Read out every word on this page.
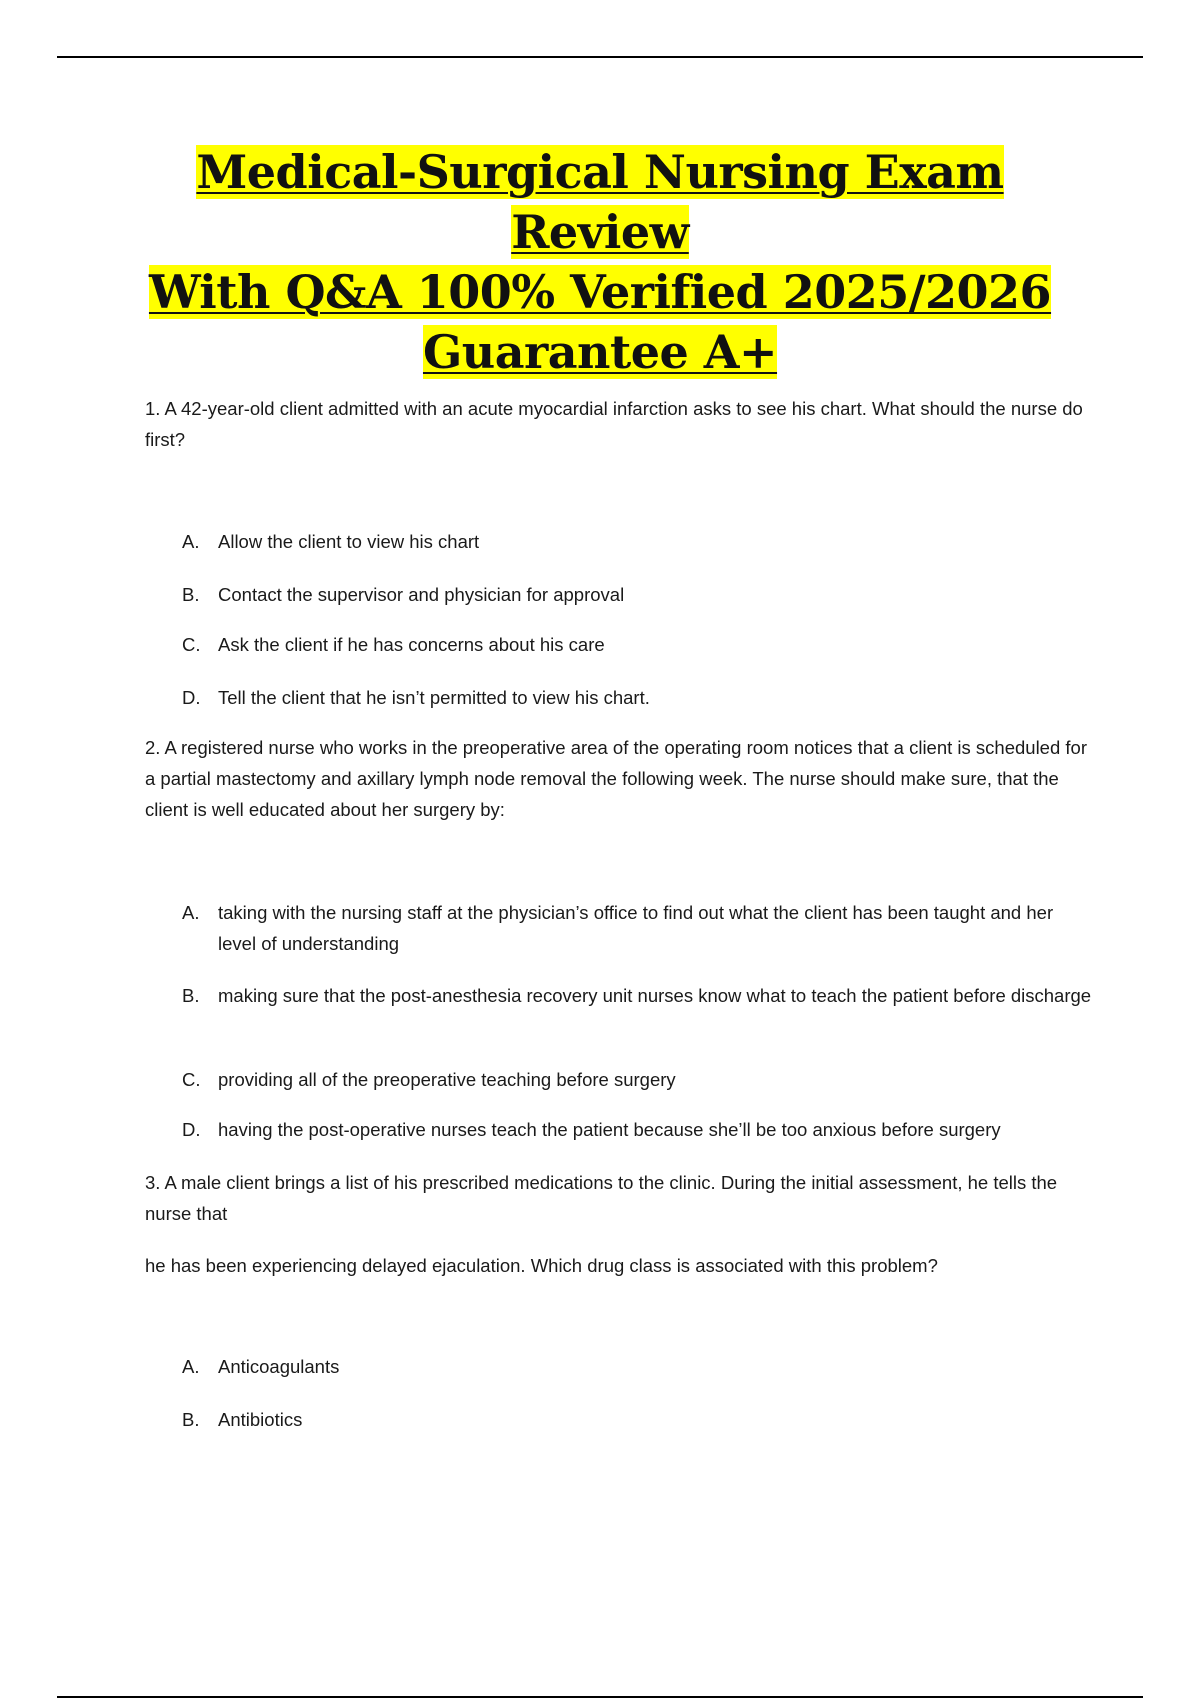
Medical-Surgical Nursing Exam Review
With Q&A 100% Verified 2025/2026
Guarantee A+
1. A 42-year-old client admitted with an acute myocardial infarction asks to see his chart. What should the nurse do first?
A.	Allow the client to view his chart
B.	Contact the supervisor and physician for approval
C. Ask the client if he has concerns about his care
D. Tell the client that he isn’t permitted to view his chart.
2. A registered nurse who works in the preoperative area of the operating room notices that a client is scheduled for a partial mastectomy and axillary lymph node removal the following week. The nurse should make sure, that the client is well educated about her surgery by:
A.	taking with the nursing staff at the physician’s office to find out what the client has been taught and her level of understanding
B.	making sure that the post-anesthesia recovery unit nurses know what to teach the patient before discharge
C. providing all of the preoperative teaching before surgery
D. having the post-operative nurses teach the patient because she’ll be too anxious before surgery
3. A male client brings a list of his prescribed medications to the clinic. During the initial assessment, he tells the nurse that
he has been experiencing delayed ejaculation. Which drug class is associated with this problem?
A.	Anticoagulants
B.	Antibiotics
